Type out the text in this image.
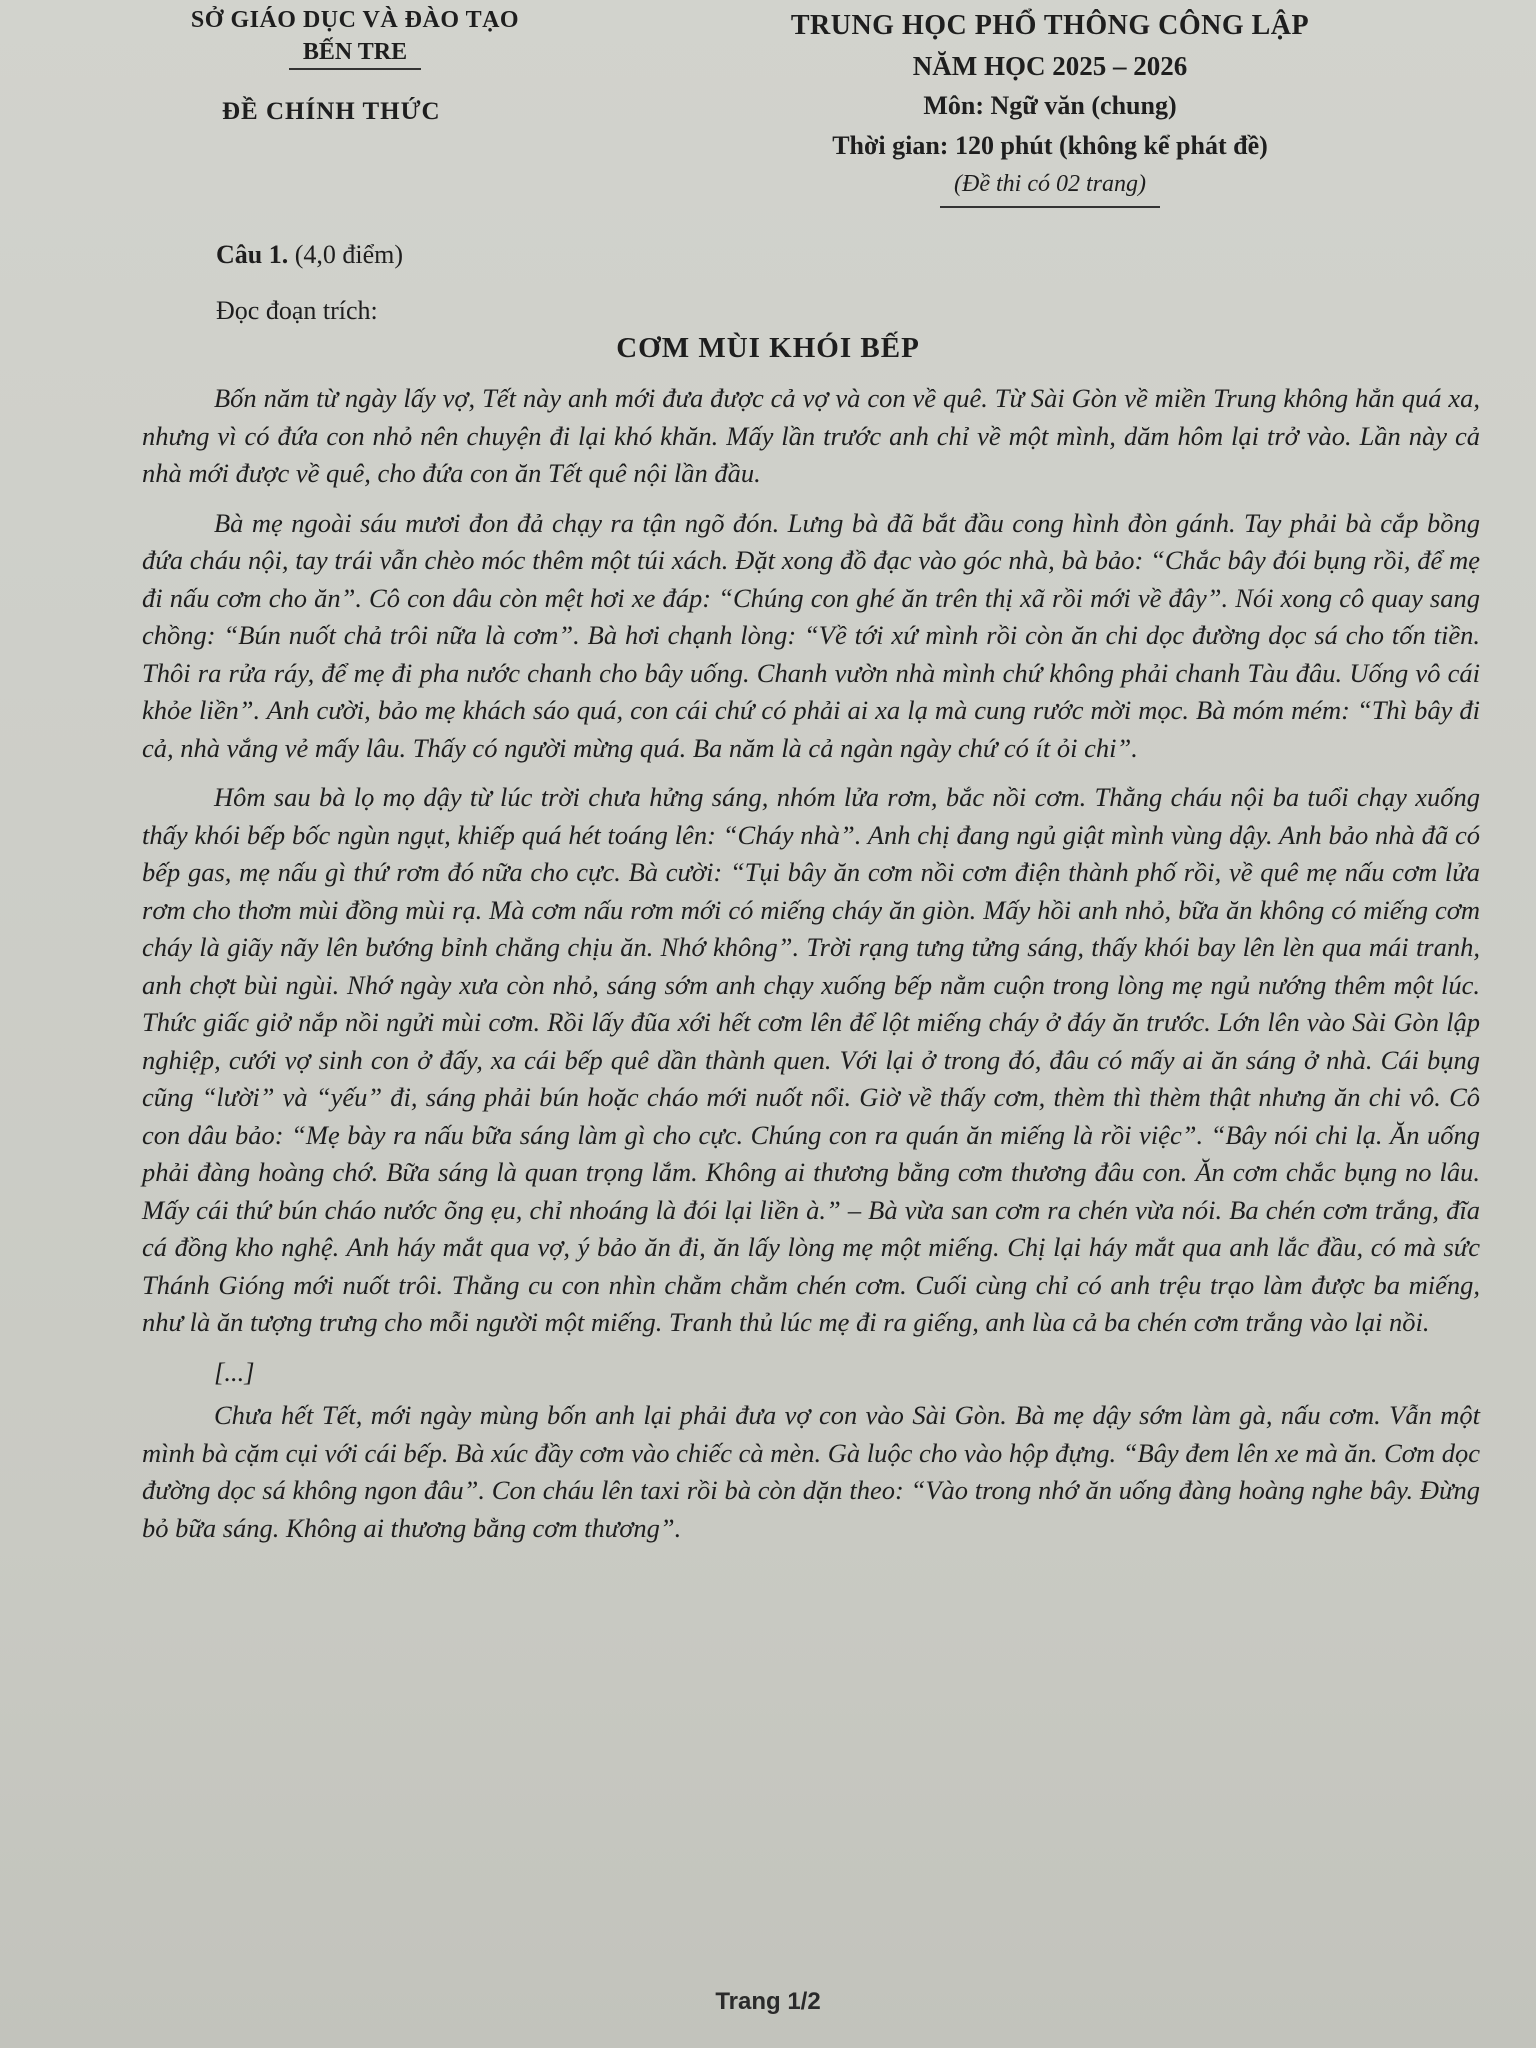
SỞ GIÁO DỤC VÀ ĐÀO TẠO
BẾN TRE
ĐỀ CHÍNH THỨC
TRUNG HỌC PHỔ THÔNG CÔNG LẬP
NĂM HỌC 2025 – 2026
Môn: Ngữ văn (chung)
Thời gian: 120 phút (không kể phát đề)
(Đề thi có 02 trang)
Câu 1. (4,0 điểm)
Đọc đoạn trích:
CƠM MÙI KHÓI BẾP

Bốn năm từ ngày lấy vợ, Tết này anh mới đưa được cả vợ và con về quê. Từ Sài Gòn về miền Trung không hẳn quá xa, nhưng vì có đứa con nhỏ nên chuyện đi lại khó khăn. Mấy lần trước anh chỉ về một mình, dăm hôm lại trở vào. Lần này cả nhà mới được về quê, cho đứa con ăn Tết quê nội lần đầu.

Bà mẹ ngoài sáu mươi đon đả chạy ra tận ngõ đón. Lưng bà đã bắt đầu cong hình đòn gánh. Tay phải bà cắp bồng đứa cháu nội, tay trái vẫn chèo móc thêm một túi xách. Đặt xong đồ đạc vào góc nhà, bà bảo: “Chắc bây đói bụng rồi, để mẹ đi nấu cơm cho ăn”. Cô con dâu còn mệt hơi xe đáp: “Chúng con ghé ăn trên thị xã rồi mới về đây”. Nói xong cô quay sang chồng: “Bún nuốt chả trôi nữa là cơm”. Bà hơi chạnh lòng: “Về tới xứ mình rồi còn ăn chi dọc đường dọc sá cho tốn tiền. Thôi ra rửa ráy, để mẹ đi pha nước chanh cho bây uống. Chanh vườn nhà mình chứ không phải chanh Tàu đâu. Uống vô cái khỏe liền”. Anh cười, bảo mẹ khách sáo quá, con cái chứ có phải ai xa lạ mà cung rước mời mọc. Bà móm mém: “Thì bây đi cả, nhà vắng vẻ mấy lâu. Thấy có người mừng quá. Ba năm là cả ngàn ngày chứ có ít ỏi chi”.

Hôm sau bà lọ mọ dậy từ lúc trời chưa hửng sáng, nhóm lửa rơm, bắc nồi cơm. Thằng cháu nội ba tuổi chạy xuống thấy khói bếp bốc ngùn ngụt, khiếp quá hét toáng lên: “Cháy nhà”. Anh chị đang ngủ giật mình vùng dậy. Anh bảo nhà đã có bếp gas, mẹ nấu gì thứ rơm đó nữa cho cực. Bà cười: “Tụi bây ăn cơm nồi cơm điện thành phố rồi, về quê mẹ nấu cơm lửa rơm cho thơm mùi đồng mùi rạ. Mà cơm nấu rơm mới có miếng cháy ăn giòn. Mấy hồi anh nhỏ, bữa ăn không có miếng cơm cháy là giãy nãy lên bướng bỉnh chẳng chịu ăn. Nhớ không”. Trời rạng tưng tửng sáng, thấy khói bay lên lèn qua mái tranh, anh chợt bùi ngùi. Nhớ ngày xưa còn nhỏ, sáng sớm anh chạy xuống bếp nằm cuộn trong lòng mẹ ngủ nướng thêm một lúc. Thức giấc giở nắp nồi ngửi mùi cơm. Rồi lấy đũa xới hết cơm lên để lột miếng cháy ở đáy ăn trước. Lớn lên vào Sài Gòn lập nghiệp, cưới vợ sinh con ở đấy, xa cái bếp quê dần thành quen. Với lại ở trong đó, đâu có mấy ai ăn sáng ở nhà. Cái bụng cũng “lười” và “yếu” đi, sáng phải bún hoặc cháo mới nuốt nổi. Giờ về thấy cơm, thèm thì thèm thật nhưng ăn chi vô. Cô con dâu bảo: “Mẹ bày ra nấu bữa sáng làm gì cho cực. Chúng con ra quán ăn miếng là rồi việc”. “Bây nói chi lạ. Ăn uống phải đàng hoàng chớ. Bữa sáng là quan trọng lắm. Không ai thương bằng cơm thương đâu con. Ăn cơm chắc bụng no lâu. Mấy cái thứ bún cháo nước õng ẹu, chỉ nhoáng là đói lại liền à.” – Bà vừa san cơm ra chén vừa nói. Ba chén cơm trắng, đĩa cá đồng kho nghệ. Anh háy mắt qua vợ, ý bảo ăn đi, ăn lấy lòng mẹ một miếng. Chị lại háy mắt qua anh lắc đầu, có mà sức Thánh Gióng mới nuốt trôi. Thằng cu con nhìn chằm chằm chén cơm. Cuối cùng chỉ có anh trệu trạo làm được ba miếng, như là ăn tượng trưng cho mỗi người một miếng. Tranh thủ lúc mẹ đi ra giếng, anh lùa cả ba chén cơm trắng vào lại nồi.

[...]

Chưa hết Tết, mới ngày mùng bốn anh lại phải đưa vợ con vào Sài Gòn. Bà mẹ dậy sớm làm gà, nấu cơm. Vẫn một mình bà cặm cụi với cái bếp. Bà xúc đầy cơm vào chiếc cà mèn. Gà luộc cho vào hộp đựng. “Bây đem lên xe mà ăn. Cơm dọc đường dọc sá không ngon đâu”. Con cháu lên taxi rồi bà còn dặn theo: “Vào trong nhớ ăn uống đàng hoàng nghe bây. Đừng bỏ bữa sáng. Không ai thương bằng cơm thương”.

Trang 1/2
